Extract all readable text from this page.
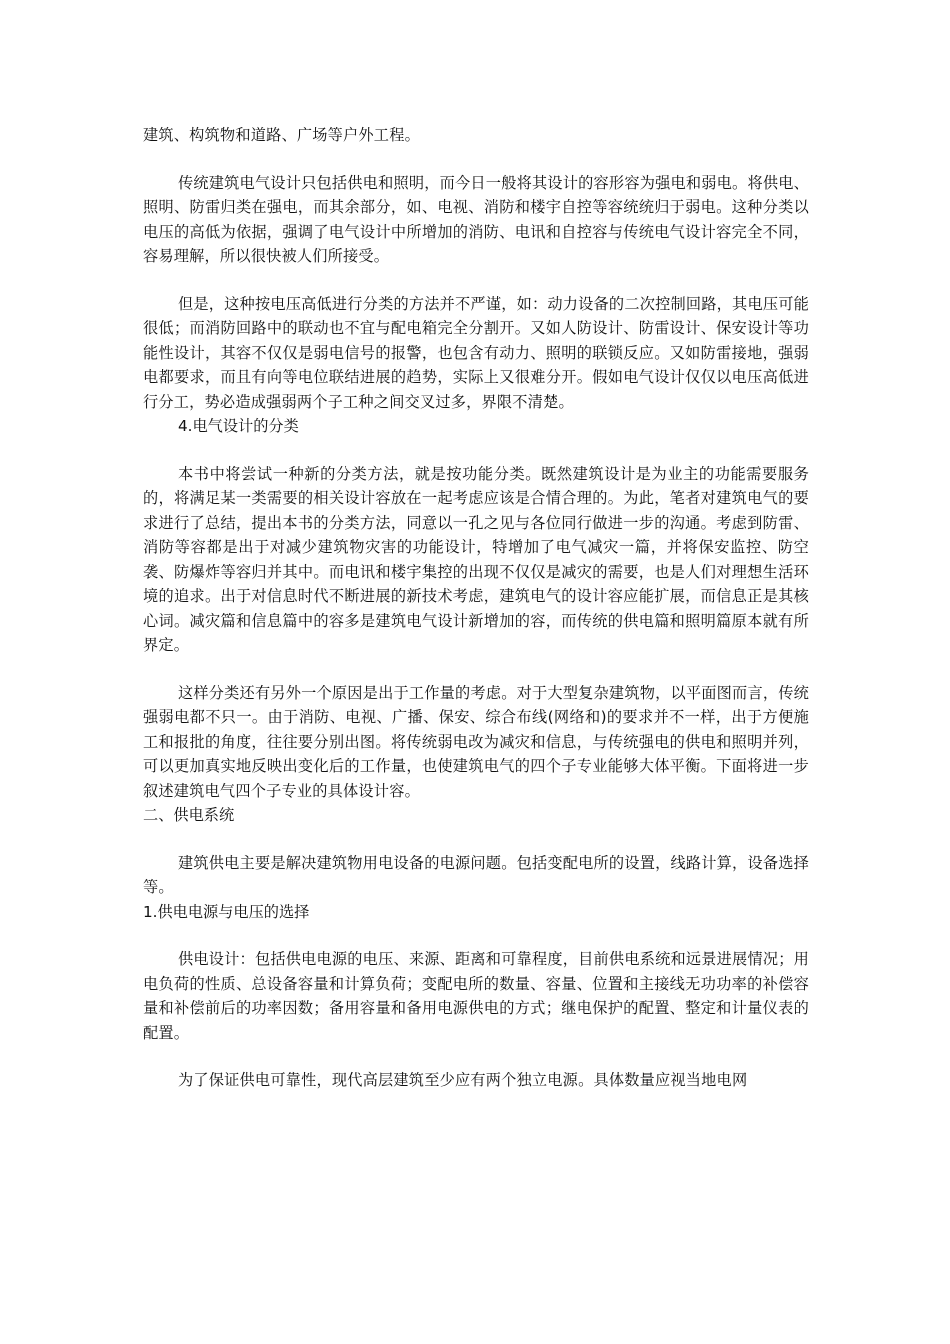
建筑、构筑物和道路、广场等户外工程。

传统建筑电气设计只包括供电和照明，而今日一般将其设计的容形容为强电和弱电。将供电、照明、防雷归类在强电，而其余部分，如、电视、消防和楼宇自控等容统统归于弱电。这种分类以电压的高低为依据，强调了电气设计中所增加的消防、电讯和自控容与传统电气设计容完全不同，容易理解，所以很快被人们所接受。

但是，这种按电压高低进行分类的方法并不严谨，如：动力设备的二次控制回路，其电压可能很低；而消防回路中的联动也不宜与配电箱完全分割开。又如人防设计、防雷设计、保安设计等功能性设计，其容不仅仅是弱电信号的报警，也包含有动力、照明的联锁反应。又如防雷接地，强弱电都要求，而且有向等电位联结进展的趋势，实际上又很难分开。假如电气设计仅仅以电压高低进行分工，势必造成强弱两个子工种之间交叉过多，界限不清楚。

4.电气设计的分类

本书中将尝试一种新的分类方法，就是按功能分类。既然建筑设计是为业主的功能需要服务的，将满足某一类需要的相关设计容放在一起考虑应该是合情合理的。为此，笔者对建筑电气的要求进行了总结，提出本书的分类方法，同意以一孔之见与各位同行做进一步的沟通。考虑到防雷、消防等容都是出于对减少建筑物灾害的功能设计，特增加了电气减灾一篇，并将保安监控、防空袭、防爆炸等容归并其中。而电讯和楼宇集控的出现不仅仅是减灾的需要，也是人们对理想生活环境的追求。出于对信息时代不断进展的新技术考虑，建筑电气的设计容应能扩展，而信息正是其核心词。减灾篇和信息篇中的容多是建筑电气设计新增加的容，而传统的供电篇和照明篇原本就有所界定。

这样分类还有另外一个原因是出于工作量的考虑。对于大型复杂建筑物，以平面图而言，传统强弱电都不只一。由于消防、电视、广播、保安、综合布线(网络和)的要求并不一样，出于方便施工和报批的角度，往往要分别出图。将传统弱电改为减灾和信息，与传统强电的供电和照明并列，可以更加真实地反映出变化后的工作量，也使建筑电气的四个子专业能够大体平衡。下面将进一步叙述建筑电气四个子专业的具体设计容。

二、供电系统

建筑供电主要是解决建筑物用电设备的电源问题。包括变配电所的设置，线路计算，设备选择等。

1.供电电源与电压的选择

供电设计：包括供电电源的电压、来源、距离和可靠程度，目前供电系统和远景进展情况；用电负荷的性质、总设备容量和计算负荷；变配电所的数量、容量、位置和主接线无功功率的补偿容量和补偿前后的功率因数；备用容量和备用电源供电的方式；继电保护的配置、整定和计量仪表的配置。

为了保证供电可靠性，现代高层建筑至少应有两个独立电源。具体数量应视当地电网
